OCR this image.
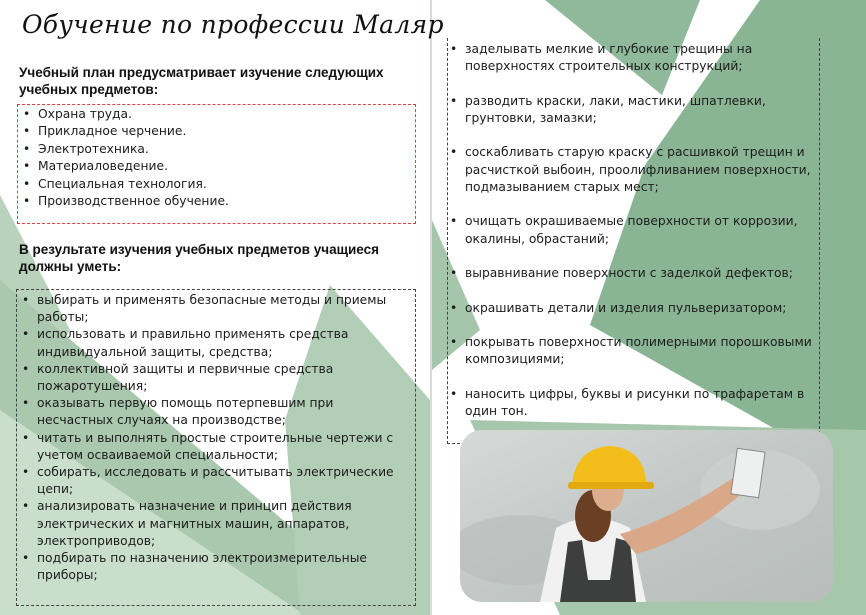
Обучение по профессии Маляр
Учебный план предусматривает изучение следующих учебных предметов:
• Охрана труда.
• Прикладное черчение.
• Электротехника.
• Материаловедение.
• Специальная технология.
• Производственное обучение.
В результате изучения учебных предметов учащиеся должны уметь:
• выбирать и применять безопасные методы и приемы работы;
• использовать и правильно применять средства индивидуальной защиты, средства;
• коллективной защиты и первичные средства пожаротушения;
• оказывать первую помощь потерпевшим при несчастных случаях на производстве;
• читать и выполнять простые строительные чертежи с учетом осваиваемой специальности;
• собирать, исследовать и рассчитывать электрические цепи;
• анализировать назначение и принцип действия электрических и магнитных машин, аппаратов, электроприводов;
• подбирать по назначению электроизмерительные приборы;
• заделывать мелкие и глубокие трещины на поверхностях строительных конструкций;
• разводить краски, лаки, мастики, шпатлевки, грунтовки, замазки;
• соскабливать старую краску с расшивкой трещин и расчисткой выбоин, проолифливанием поверхности, подмазыванием старых мест;
• очищать окрашиваемые поверхности от коррозии, окалины, обрастаний;
• выравнивание поверхности с заделкой дефектов;
• окрашивать детали и изделия пульверизатором;
• покрывать поверхности полимерными порошковыми композициями;
• наносить цифры, буквы и рисунки по трафаретам в один тон.
